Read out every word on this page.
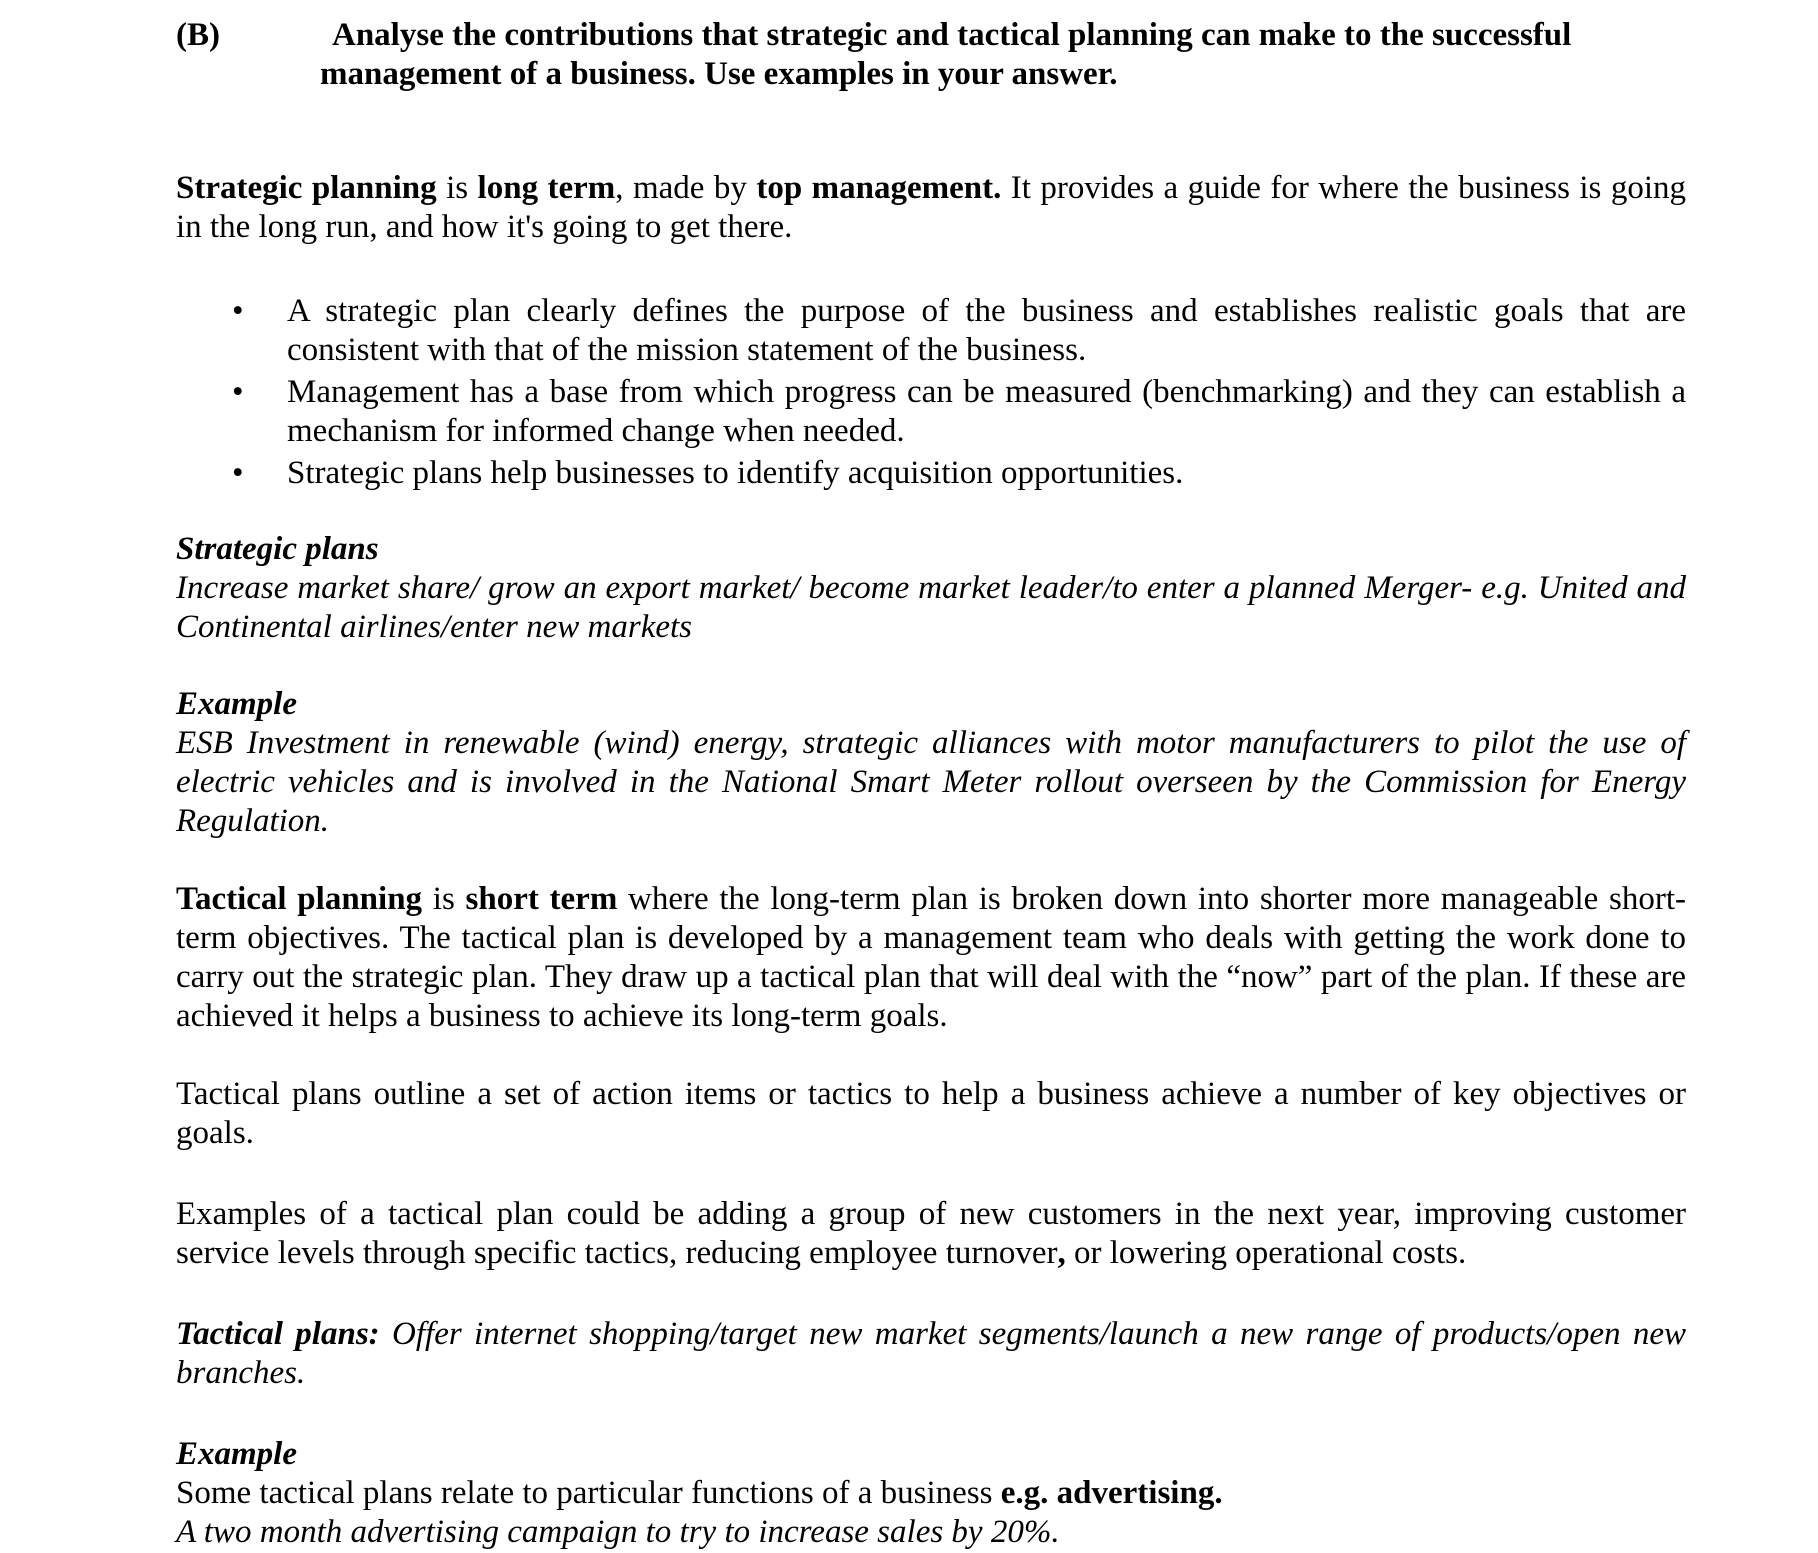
(B)	Analyse the contributions that strategic and tactical planning can make to the successful management of a business. Use examples in your answer.
Strategic planning is long term, made by top management. It provides a guide for where the business is going in the long run, and how it's going to get there.
• A strategic plan clearly defines the purpose of the business and establishes realistic goals that are consistent with that of the mission statement of the business.
• Management has a base from which progress can be measured (benchmarking) and they can establish a mechanism for informed change when needed.
• Strategic plans help businesses to identify acquisition opportunities.
Strategic plans
Increase market share/ grow an export market/ become market leader/to enter a planned Merger- e.g. United and Continental airlines/enter new markets
Example
ESB Investment in renewable (wind) energy, strategic alliances with motor manufacturers to pilot the use of electric vehicles and is involved in the National Smart Meter rollout overseen by the Commission for Energy Regulation.
Tactical planning is short term where the long-term plan is broken down into shorter more manageable short-term objectives. The tactical plan is developed by a management team who deals with getting the work done to carry out the strategic plan. They draw up a tactical plan that will deal with the “now” part of the plan. If these are achieved it helps a business to achieve its long-term goals.
Tactical plans outline a set of action items or tactics to help a business achieve a number of key objectives or goals.
Examples of a tactical plan could be adding a group of new customers in the next year, improving customer service levels through specific tactics, reducing employee turnover, or lowering operational costs.
Tactical plans: Offer internet shopping/target new market segments/launch a new range of products/open new branches.
Example
Some tactical plans relate to particular functions of a business e.g. advertising.
A two month advertising campaign to try to increase sales by 20%.
